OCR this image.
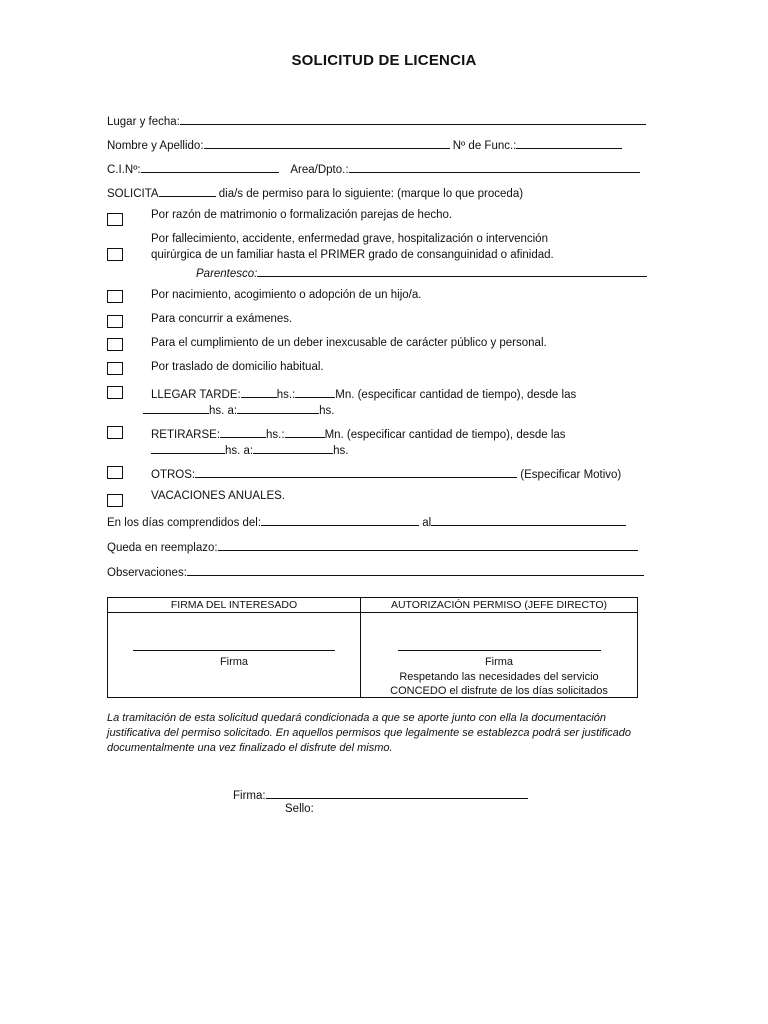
SOLICITUD DE LICENCIA
Lugar y fecha:
Nombre y Apellido:	Nº de Func.:
C.I.Nº:	Area/Dpto.:
SOLICITA	dia/s de permiso para lo siguiente: (marque lo que proceda)
Por razón de matrimonio o formalización parejas de hecho.
Por fallecimiento, accidente, enfermedad grave, hospitalización o intervención
quirúrgica de un familiar hasta el PRIMER grado de consanguinidad o afinidad.
Parentesco:
Por nacimiento, acogimiento o adopción de un hijo/a.
Para concurrir a exámenes.
Para el cumplimiento de un deber inexcusable de carácter público y personal.
Por traslado de domicilio habitual.
LLEGAR TARDE:	hs.:	Mn. (especificar cantidad de tiempo), desde las
hs. a:	hs.
RETIRARSE:	hs.:	Mn. (especificar cantidad de tiempo), desde las
hs. a:	hs.
OTROS:	(Especificar Motivo)
VACACIONES ANUALES.
En los días comprendidos del:	al
Queda en reemplazo:
Observaciones:
FIRMA DEL INTERESADO	AUTORIZACIÓN PERMISO (JEFE DIRECTO)

Firma	Firma
Respetando las necesidades del servicio
CONCEDO el disfrute de los días solicitados
La tramitación de esta solicitud quedará condicionada a que se aporte junto con ella la documentación justificativa del permiso solicitado. En aquellos permisos que legalmente se establezca podrá ser justificado documentalmente una vez finalizado el disfrute del mismo.
Firma:
Sello:
